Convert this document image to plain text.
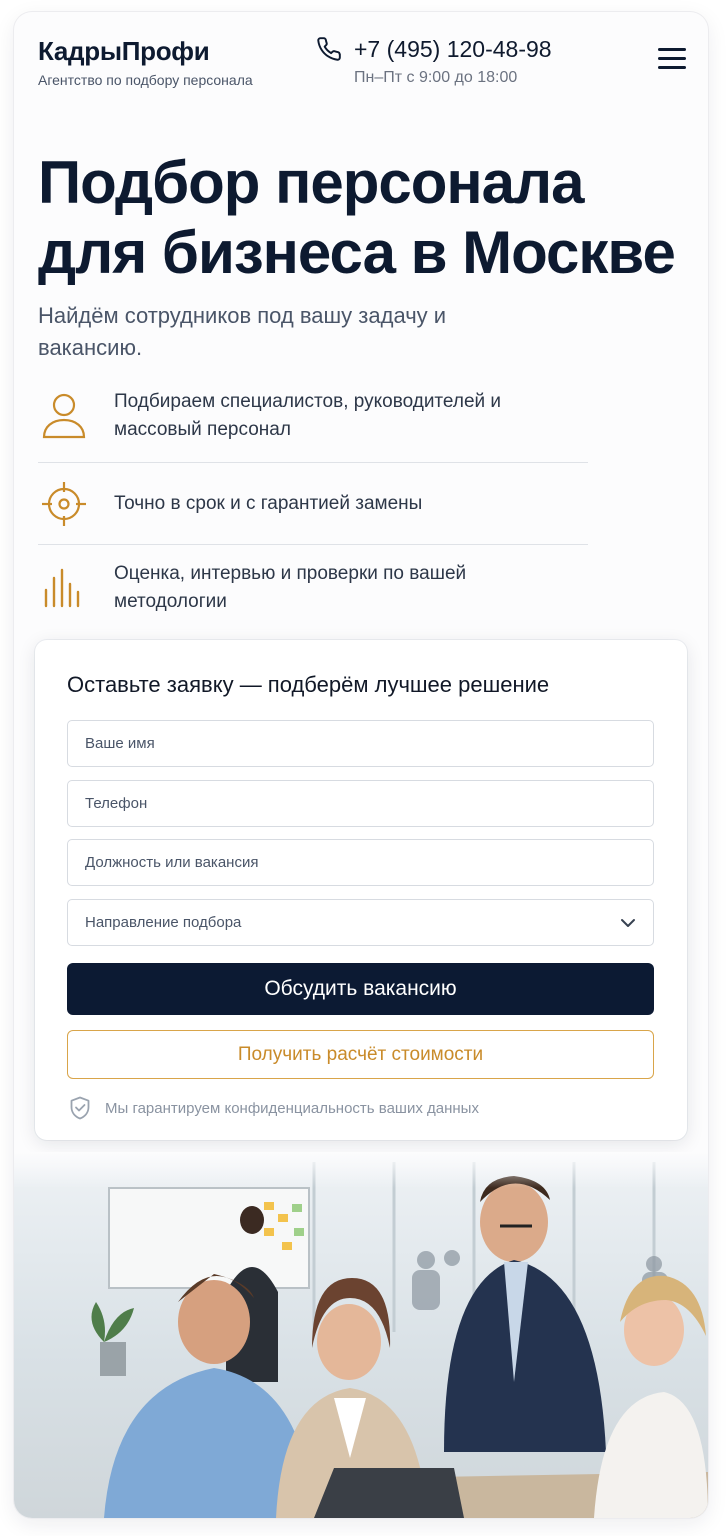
КадрыПрофи
Агентство по подбору персонала
+7 (495) 120-48-98
Пн–Пт с 9:00 до 18:00
Подбор персонала
для бизнеса в Москве
Найдём сотрудников под вашу задачу и вакансию.
Подбираем специалистов, руководителей и массовый персонал
Точно в срок и с гарантией замены
Оценка, интервью и проверки по вашей методологии
Оставьте заявку — подберём лучшее решение
Ваше имя
Телефон
Должность или вакансия
Направление подбора
Обсудить вакансию
Получить расчёт стоимости
Мы гарантируем конфиденциальность ваших данных
